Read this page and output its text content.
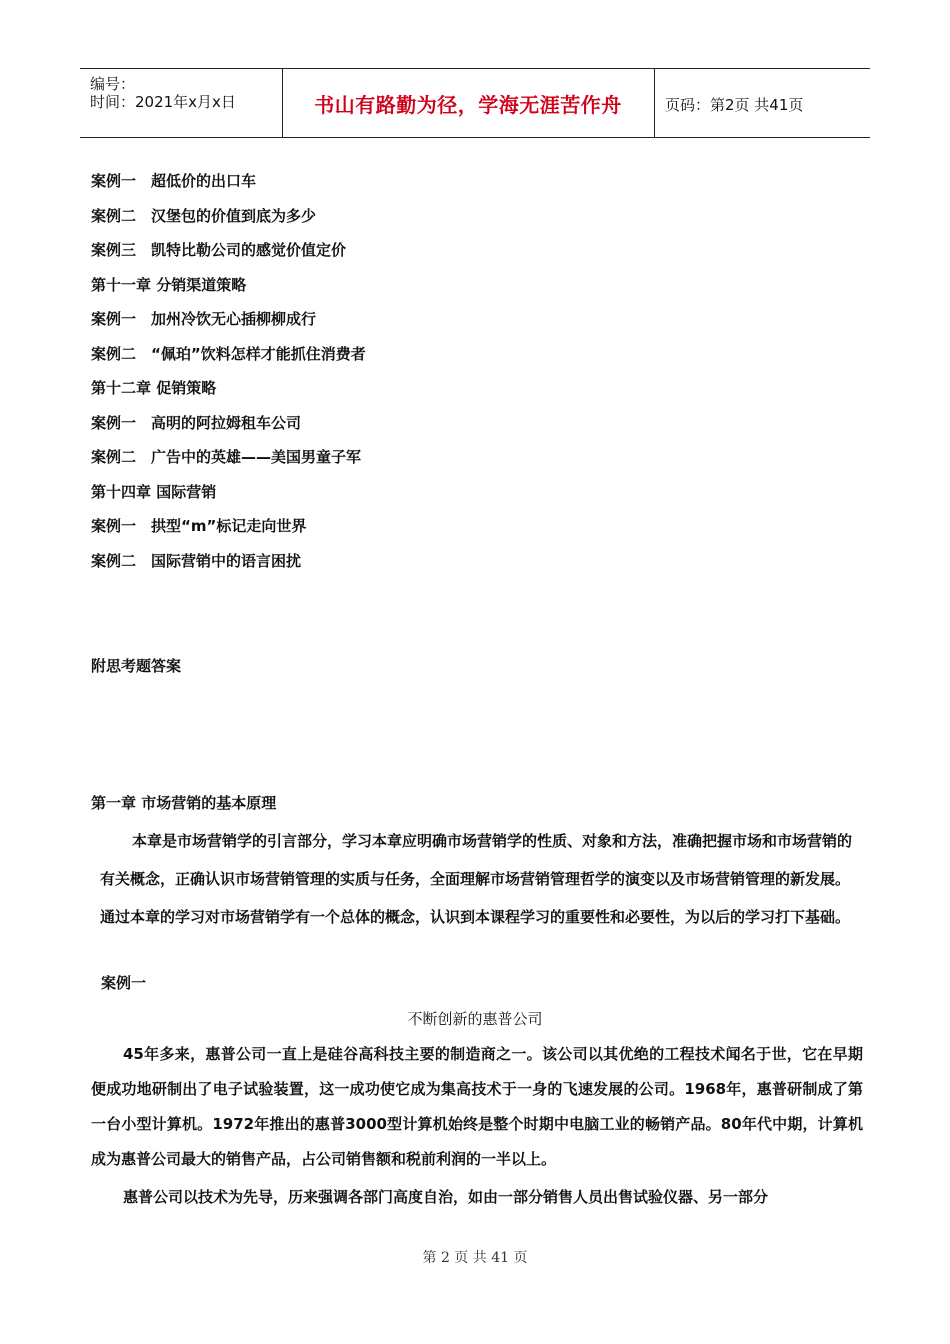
编号：
时间：2021年x月x日	书山有路勤为径，学海无涯苦作舟	页码：第2页 共41页
案例一　超低价的出口车
案例二　汉堡包的价值到底为多少
案例三　凯特比勒公司的感觉价值定价
第十一章 分销渠道策略
案例一　加州冷饮无心插柳柳成行
案例二　“佩珀”饮料怎样才能抓住消费者
第十二章 促销策略
案例一　高明的阿拉姆租车公司
案例二　广告中的英雄——美国男童子军
第十四章 国际营销
案例一　拱型“m”标记走向世界
案例二　国际营销中的语言困扰
附思考题答案
第一章 市场营销的基本原理
本章是市场营销学的引言部分，学习本章应明确市场营销学的性质、对象和方法，准确把握市场和市场营销的有关概念，正确认识市场营销管理的实质与任务，全面理解市场营销管理哲学的演变以及市场营销管理的新发展。通过本章的学习对市场营销学有一个总体的概念，认识到本课程学习的重要性和必要性，为以后的学习打下基础。
案例一
不断创新的惠普公司
45年多来，惠普公司一直上是硅谷高科技主要的制造商之一。该公司以其优绝的工程技术闻名于世，它在早期便成功地研制出了电子试验装置，这一成功使它成为集高技术于一身的飞速发展的公司。1968年，惠普研制成了第一台小型计算机。1972年推出的惠普3000型计算机始终是整个时期中电脑工业的畅销产品。80年代中期，计算机成为惠普公司最大的销售产品，占公司销售额和税前利润的一半以上。
惠普公司以技术为先导，历来强调各部门高度自治，如由一部分销售人员出售试验仪器、另一部分
第 2 页 共 41 页
